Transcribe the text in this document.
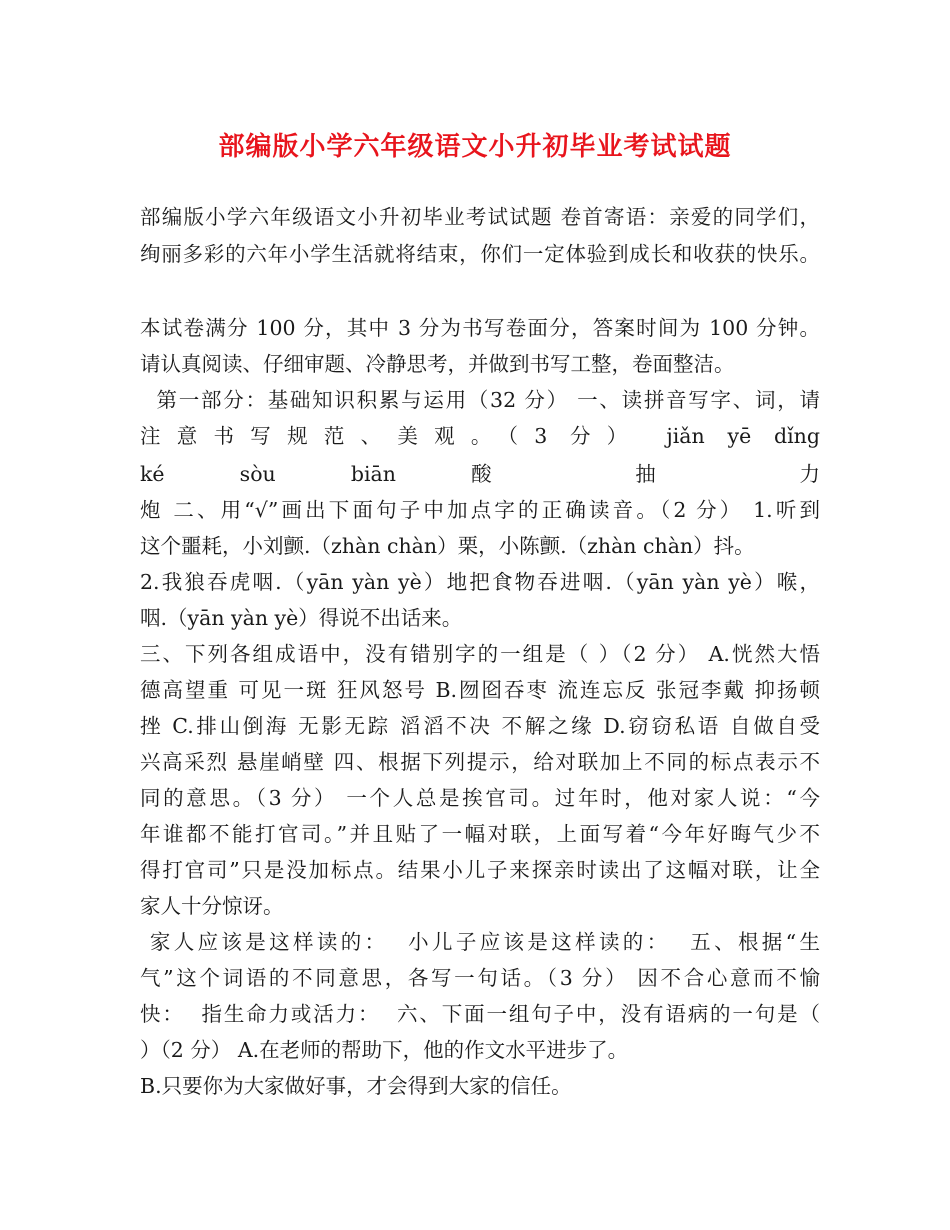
部编版小学六年级语文小升初毕业考试试题
部编版小学六年级语文小升初毕业考试试题 卷首寄语：亲爱的同学们，
绚丽多彩的六年小学生活就将结束，你们一定体验到成长和收获的快乐。
本试卷满分 100 分，其中 3 分为书写卷面分，答案时间为 100 分钟。
请认真阅读、仔细审题、冷静思考，并做到书写工整，卷面整洁。
第一部分：基础知识积累与运用（32 分） 一、读拼音写字、词，请
注意书写规范、美观。（3 分） jiǎn yē dǐng
ké sòu biān 酸 抽 力
炮 二、用“√”画出下面句子中加点字的正确读音。（2 分） 1.听到
这个噩耗，小刘颤.（zhàn chàn）栗，小陈颤.（zhàn chàn）抖。
2.我狼吞虎咽.（yān yàn yè）地把食物吞进咽.（yān yàn yè）喉，
咽.（yān yàn yè）得说不出话来。
三、下列各组成语中，没有错别字的一组是（ ）（2 分） A.恍然大悟
德高望重 可见一斑 狂风怒号 B.囫囵吞枣 流连忘反 张冠李戴 抑扬顿
挫 C.排山倒海 无影无踪 滔滔不决 不解之缘 D.窃窃私语 自做自受
兴高采烈 悬崖峭壁 四、根据下列提示，给对联加上不同的标点表示不
同的意思。（3 分） 一个人总是挨官司。过年时，他对家人说：“今
年谁都不能打官司。”并且贴了一幅对联，上面写着“今年好晦气少不
得打官司”只是没加标点。结果小儿子来探亲时读出了这幅对联，让全
家人十分惊讶。
家人应该是这样读的：  小儿子应该是这样读的：  五、根据“生
气”这个词语的不同意思，各写一句话。（3 分） 因不合心意而不愉
快：  指生命力或活力：  六、下面一组句子中，没有语病的一句是（
）（2 分） A.在老师的帮助下，他的作文水平进步了。
B.只要你为大家做好事，才会得到大家的信任。
